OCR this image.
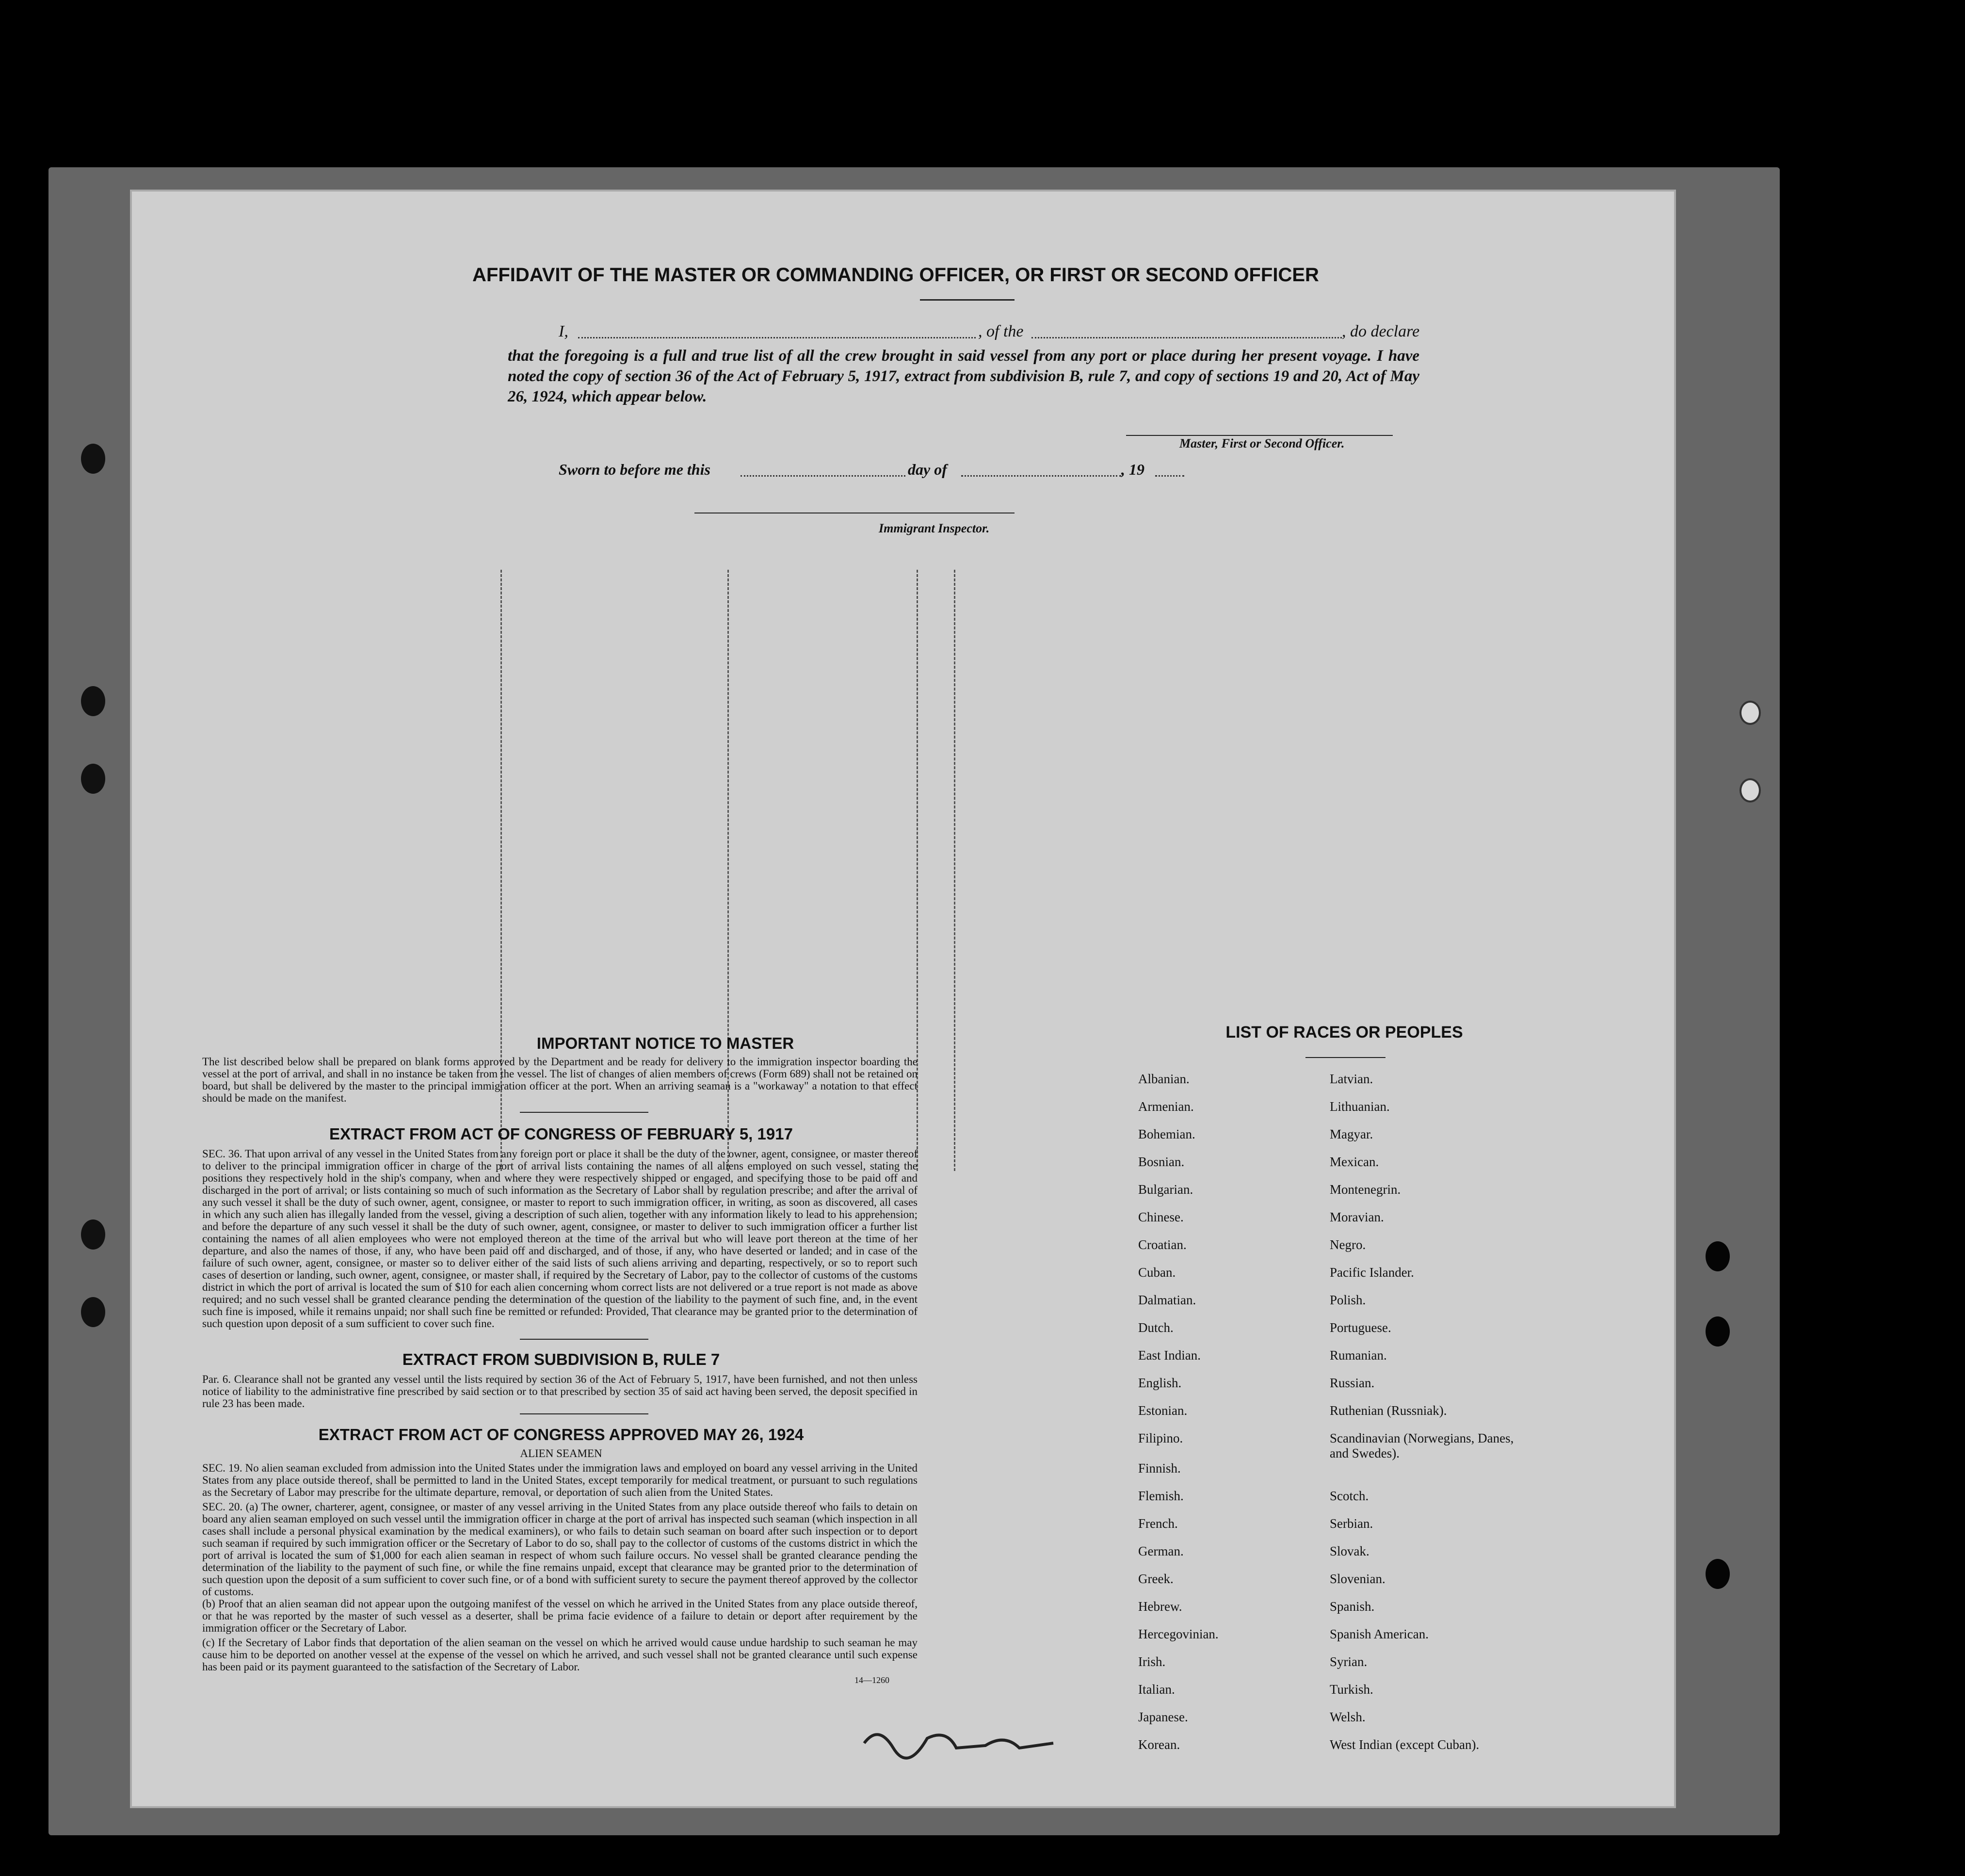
AFFIDAVIT OF THE MASTER OR COMMANDING OFFICER, OR FIRST OR SECOND OFFICER
I,	, of the	, do declare
that the foregoing is a full and true list of all the crew brought in said vessel from any port or place during her present voyage. I have noted the copy of section 36 of the Act of February 5, 1917, extract from subdivision B, rule 7, and copy of sections 19 and 20, Act of May 26, 1924, which appear below.
Master, First or Second Officer.
Sworn to before me this	day of	, 19
Immigrant Inspector.
IMPORTANT NOTICE TO MASTER
The list described below shall be prepared on blank forms approved by the Department and be ready for delivery to the immigration inspector boarding the vessel at the port of arrival, and shall in no instance be taken from the vessel. The list of changes of alien members of crews (Form 689) shall not be retained on board, but shall be delivered by the master to the principal immigration officer at the port. When an arriving seaman is a "workaway" a notation to that effect should be made on the manifest.
EXTRACT FROM ACT OF CONGRESS OF FEBRUARY 5, 1917
SEC. 36. That upon arrival of any vessel in the United States from any foreign port or place it shall be the duty of the owner, agent, consignee, or master thereof to deliver to the principal immigration officer in charge of the port of arrival lists containing the names of all aliens employed on such vessel, stating the positions they respectively hold in the ship's company, when and where they were respectively shipped or engaged, and specifying those to be paid off and discharged in the port of arrival; or lists containing so much of such information as the Secretary of Labor shall by regulation prescribe; and after the arrival of any such vessel it shall be the duty of such owner, agent, consignee, or master to report to such immigration officer, in writing, as soon as discovered, all cases in which any such alien has illegally landed from the vessel, giving a description of such alien, together with any information likely to lead to his apprehension; and before the departure of any such vessel it shall be the duty of such owner, agent, consignee, or master to deliver to such immigration officer a further list containing the names of all alien employees who were not employed thereon at the time of the arrival but who will leave port thereon at the time of her departure, and also the names of those, if any, who have been paid off and discharged, and of those, if any, who have deserted or landed; and in case of the failure of such owner, agent, consignee, or master so to deliver either of the said lists of such aliens arriving and departing, respectively, or so to report such cases of desertion or landing, such owner, agent, consignee, or master shall, if required by the Secretary of Labor, pay to the collector of customs of the customs district in which the port of arrival is located the sum of $10 for each alien concerning whom correct lists are not delivered or a true report is not made as above required; and no such vessel shall be granted clearance pending the determination of the question of the liability to the payment of such fine, and, in the event such fine is imposed, while it remains unpaid; nor shall such fine be remitted or refunded: Provided, That clearance may be granted prior to the determination of such question upon deposit of a sum sufficient to cover such fine.
EXTRACT FROM SUBDIVISION B, RULE 7
Par. 6. Clearance shall not be granted any vessel until the lists required by section 36 of the Act of February 5, 1917, have been furnished, and not then unless notice of liability to the administrative fine prescribed by said section or to that prescribed by section 35 of said act having been served, the deposit specified in rule 23 has been made.
EXTRACT FROM ACT OF CONGRESS APPROVED MAY 26, 1924
ALIEN SEAMEN
SEC. 19. No alien seaman excluded from admission into the United States under the immigration laws and employed on board any vessel arriving in the United States from any place outside thereof, shall be permitted to land in the United States, except temporarily for medical treatment, or pursuant to such regulations as the Secretary of Labor may prescribe for the ultimate departure, removal, or deportation of such alien from the United States.
SEC. 20. (a) The owner, charterer, agent, consignee, or master of any vessel arriving in the United States from any place outside thereof who fails to detain on board any alien seaman employed on such vessel until the immigration officer in charge at the port of arrival has inspected such seaman (which inspection in all cases shall include a personal physical examination by the medical examiners), or who fails to detain such seaman on board after such inspection or to deport such seaman if required by such immigration officer or the Secretary of Labor to do so, shall pay to the collector of customs of the customs district in which the port of arrival is located the sum of $1,000 for each alien seaman in respect of whom such failure occurs. No vessel shall be granted clearance pending the determination of the liability to the payment of such fine, or while the fine remains unpaid, except that clearance may be granted prior to the determination of such question upon the deposit of a sum sufficient to cover such fine, or of a bond with sufficient surety to secure the payment thereof approved by the collector of customs.
(b) Proof that an alien seaman did not appear upon the outgoing manifest of the vessel on which he arrived in the United States from any place outside thereof, or that he was reported by the master of such vessel as a deserter, shall be prima facie evidence of a failure to detain or deport after requirement by the immigration officer or the Secretary of Labor.
(c) If the Secretary of Labor finds that deportation of the alien seaman on the vessel on which he arrived would cause undue hardship to such seaman he may cause him to be deported on another vessel at the expense of the vessel on which he arrived, and such vessel shall not be granted clearance until such expense has been paid or its payment guaranteed to the satisfaction of the Secretary of Labor.
14—1260
LIST OF RACES OR PEOPLES
Albanian.	Latvian.
Armenian.	Lithuanian.
Bohemian.	Magyar.
Bosnian.	Mexican.
Bulgarian.	Montenegrin.
Chinese.	Moravian.
Croatian.	Negro.
Cuban.	Pacific Islander.
Dalmatian.	Polish.
Dutch.	Portuguese.
East Indian.	Rumanian.
English.	Russian.
Estonian.	Ruthenian (Russniak).
Filipino.	Scandinavian (Norwegians, Danes, and Swedes).
Finnish.	
Flemish.	Scotch.
French.	Serbian.
German.	Slovak.
Greek.	Slovenian.
Hebrew.	Spanish.
Hercegovinian.	Spanish American.
Irish.	Syrian.
Italian.	Turkish.
Japanese.	Welsh.
Korean.	West Indian (except Cuban).
